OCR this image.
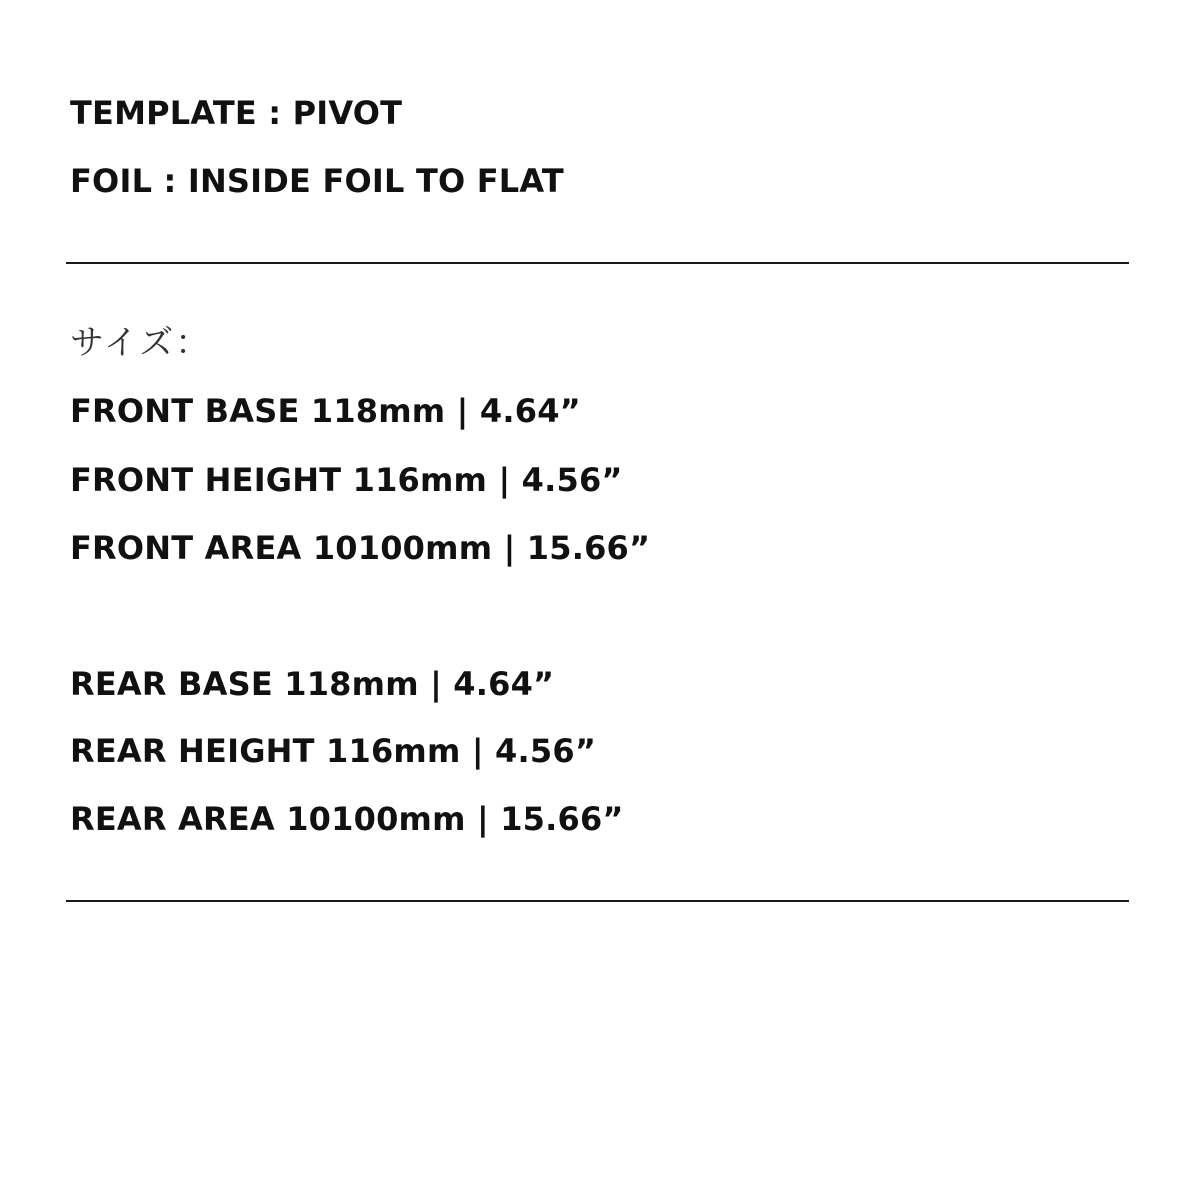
TEMPLATE : PIVOT
FOIL : INSIDE FOIL TO FLAT
サイズ：
FRONT BASE 118mm | 4.64”
FRONT HEIGHT 116mm | 4.56”
FRONT AREA 10100mm | 15.66”
REAR BASE 118mm | 4.64”
REAR HEIGHT 116mm | 4.56”
REAR AREA 10100mm | 15.66”
